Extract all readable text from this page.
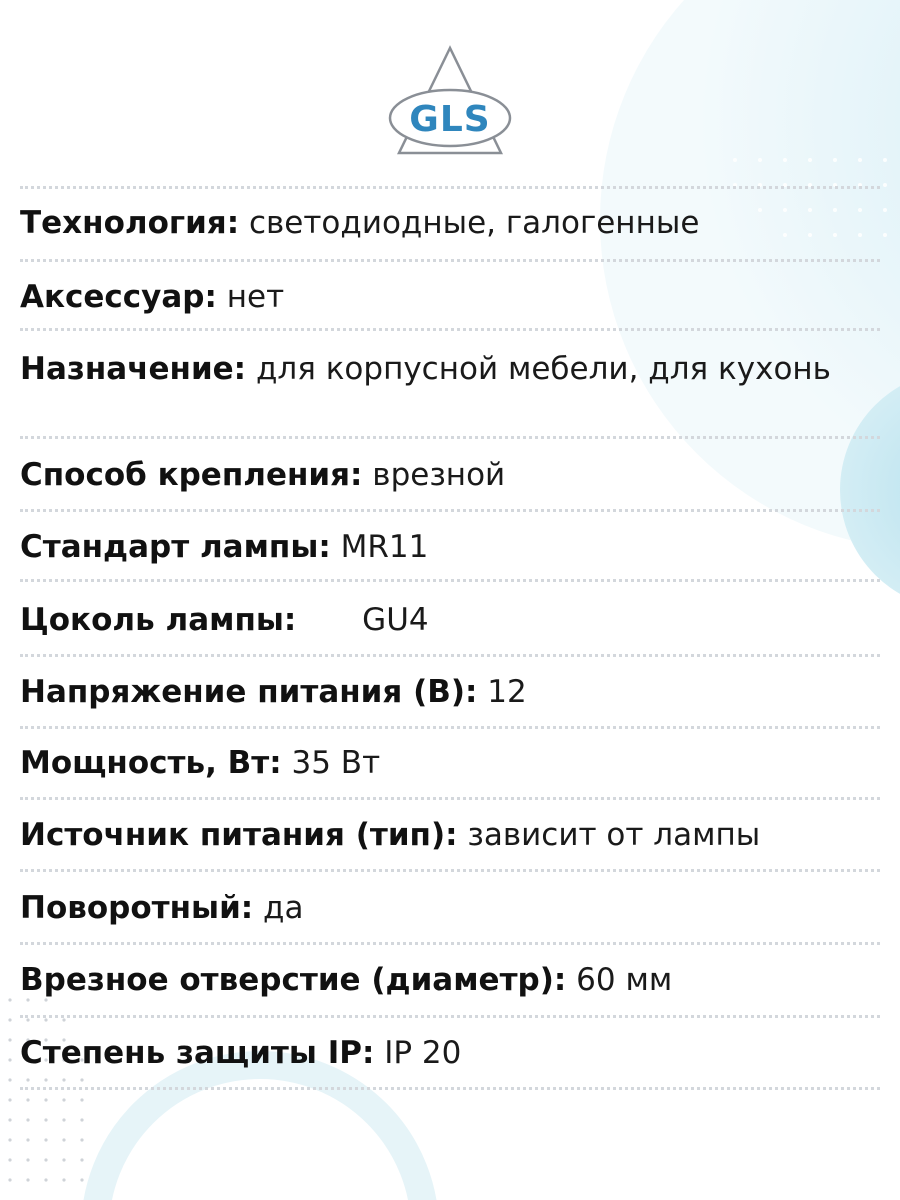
GLS
Технология: светодиодные, галогенные
Аксессуар: нет
Назначение: для корпусной мебели, для кухонь
Способ крепления: врезной
Стандарт лампы: MR11
Цоколь лампы: GU4
Напряжение питания (В): 12
Мощность, Вт: 35 Вт
Источник питания (тип): зависит от лампы
Поворотный: да
Врезное отверстие (диаметр): 60 мм
Степень защиты IP: IP 20
